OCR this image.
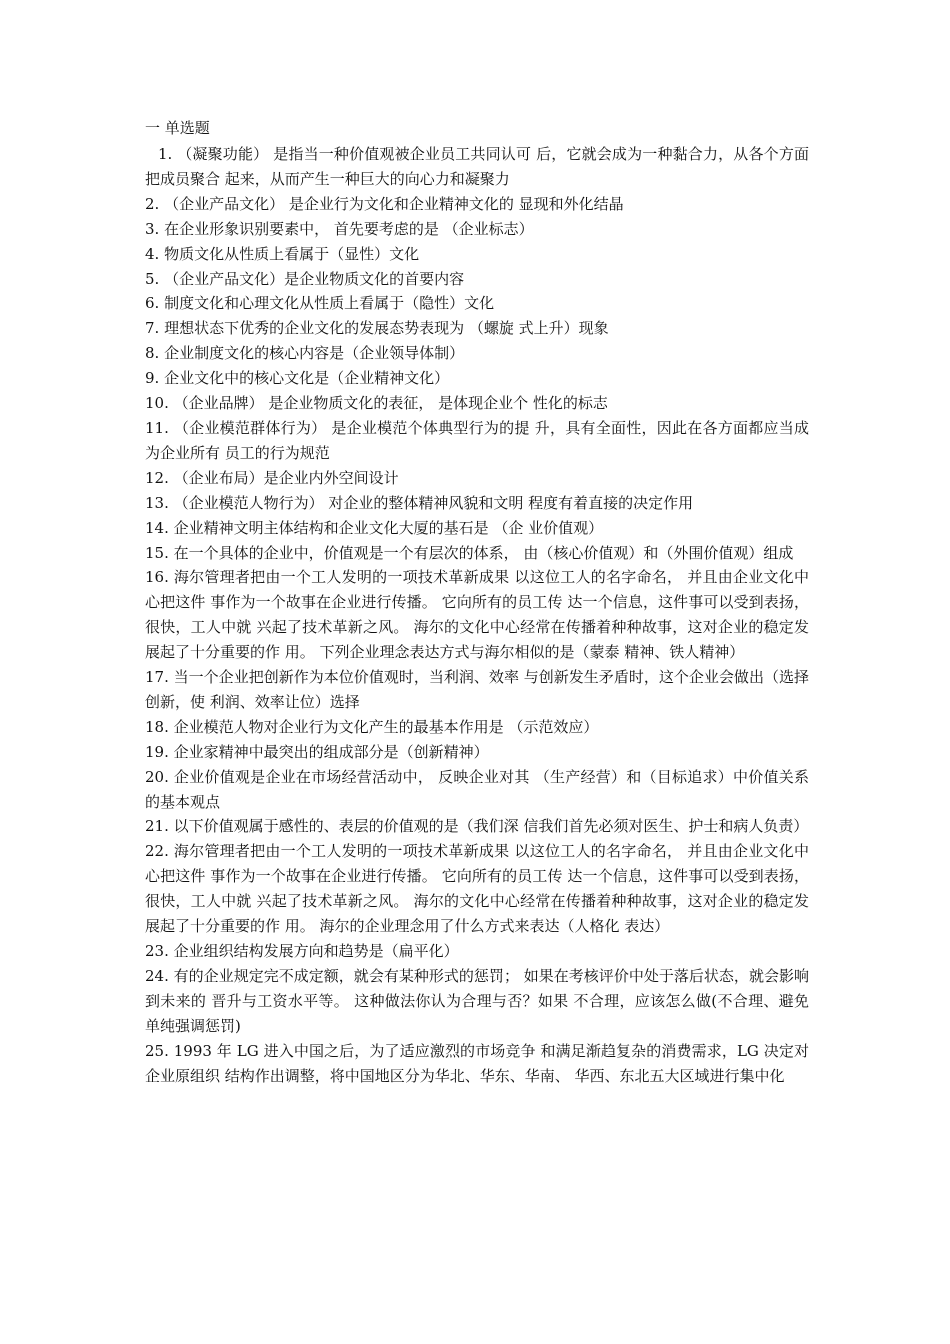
一 单选题

1. （凝聚功能） 是指当一种价值观被企业员工共同认可 后，它就会成为一种黏合力，从各个方面把成员聚合 起来，从而产生一种巨大的向心力和凝聚力

2. （企业产品文化） 是企业行为文化和企业精神文化的 显现和外化结晶

3. 在企业形象识别要素中， 首先要考虑的是 （企业标志）

4. 物质文化从性质上看属于（显性）文化

5. （企业产品文化）是企业物质文化的首要内容

6. 制度文化和心理文化从性质上看属于（隐性）文化

7. 理想状态下优秀的企业文化的发展态势表现为 （螺旋 式上升）现象

8. 企业制度文化的核心内容是（企业领导体制）

9. 企业文化中的核心文化是（企业精神文化）

10. （企业品牌） 是企业物质文化的表征， 是体现企业个 性化的标志

11. （企业模范群体行为） 是企业模范个体典型行为的提 升，具有全面性，因此在各方面都应当成为企业所有 员工的行为规范

12. （企业布局）是企业内外空间设计

13. （企业模范人物行为） 对企业的整体精神风貌和文明 程度有着直接的决定作用

14. 企业精神文明主体结构和企业文化大厦的基石是 （企 业价值观）

15. 在一个具体的企业中，价值观是一个有层次的体系， 由（核心价值观）和（外围价值观）组成

16. 海尔管理者把由一个工人发明的一项技术革新成果 以这位工人的名字命名， 并且由企业文化中心把这件 事作为一个故事在企业进行传播。 它向所有的员工传 达一个信息，这件事可以受到表扬，很快，工人中就 兴起了技术革新之风。 海尔的文化中心经常在传播着种种故事，这对企业的稳定发展起了十分重要的作 用。 下列企业理念表达方式与海尔相似的是（蒙泰 精神、铁人精神）

17. 当一个企业把创新作为本位价值观时，当利润、效率 与创新发生矛盾时，这个企业会做出（选择创新，使 利润、效率让位）选择

18. 企业模范人物对企业行为文化产生的最基本作用是 （示范效应）

19. 企业家精神中最突出的组成部分是（创新精神）

20. 企业价值观是企业在市场经营活动中， 反映企业对其 （生产经营）和（目标追求）中价值关系的基本观点

21. 以下价值观属于感性的、表层的价值观的是（我们深 信我们首先必须对医生、护士和病人负责）

22. 海尔管理者把由一个工人发明的一项技术革新成果 以这位工人的名字命名， 并且由企业文化中心把这件 事作为一个故事在企业进行传播。 它向所有的员工传 达一个信息，这件事可以受到表扬，很快，工人中就 兴起了技术革新之风。 海尔的文化中心经常在传播着种种故事，这对企业的稳定发展起了十分重要的作 用。 海尔的企业理念用了什么方式来表达（人格化 表达）

23. 企业组织结构发展方向和趋势是（扁平化）

24. 有的企业规定完不成定额，就会有某种形式的惩罚； 如果在考核评价中处于落后状态，就会影响到未来的 晋升与工资水平等。 这种做法你认为合理与否？如果 不合理，应该怎么做(不合理、避免单纯强调惩罚)

25. 1993 年 LG 进入中国之后，为了适应激烈的市场竞争 和满足渐趋复杂的消费需求，LG 决定对企业原组织 结构作出调整，将中国地区分为华北、华东、华南、 华西、东北五大区域进行集中化
